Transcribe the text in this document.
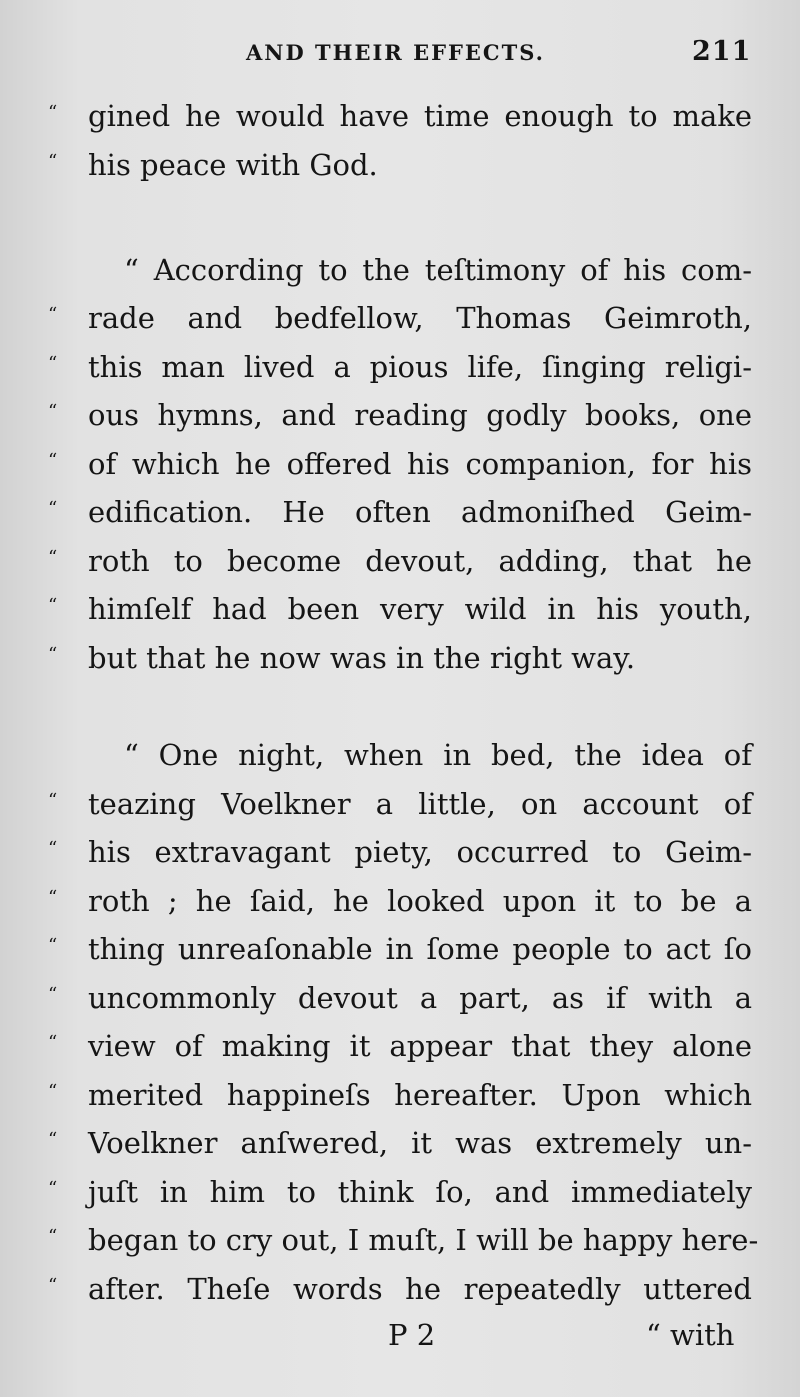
AND THEIR EFFECTS.	211
“ gined he would have time enough to make
“ his peace with God.
“ According to the teſtimony of his com-
“ rade and bedfellow, Thomas Geimroth,
“ this man lived a pious life, ſinging religi-
“ ous hymns, and reading godly books, one
“ of which he offered his companion, for his
“ edification. He often admoniſhed Geim-
“ roth to become devout, adding, that he
“ himſelf had been very wild in his youth,
“ but that he now was in the right way.
“ One night, when in bed, the idea of
“ teazing Voelkner a little, on account of
“ his extravagant piety, occurred to Geim-
“ roth ; he ſaid, he looked upon it to be a
“ thing unreaſonable in ſome people to act ſo
“ uncommonly devout a part, as if with a
“ view of making it appear that they alone
“ merited happineſs hereafter. Upon which
“ Voelkner anſwered, it was extremely un-
“ juſt in him to think ſo, and immediately
“ began to cry out, I muſt, I will be happy here-
“ after. Theſe words he repeatedly uttered
P 2	“ with
